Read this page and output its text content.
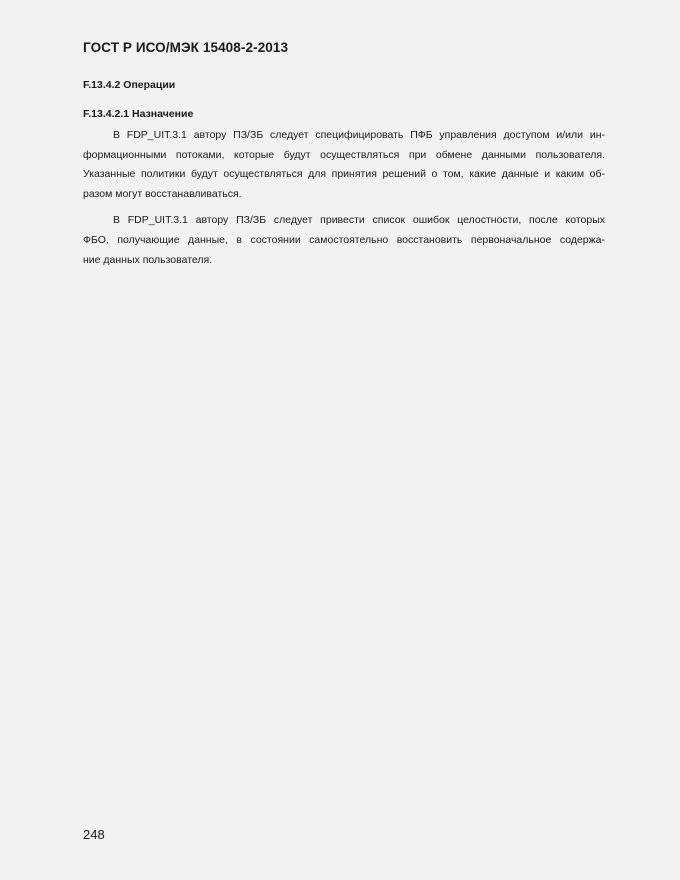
ГОСТ Р ИСО/МЭК 15408-2-2013
F.13.4.2 Операции
F.13.4.2.1 Назначение
В FDP_UIT.3.1 автору ПЗ/ЗБ следует специфицировать ПФБ управления доступом и/или ин-
формационными потоками, которые будут осуществляться при обмене данными пользователя.
Указанные политики будут осуществляться для принятия решений о том, какие данные и каким об-
разом могут восстанавливаться.
В FDP_UIT.3.1 автору ПЗ/ЗБ следует привести список ошибок целостности, после которых
ФБО, получающие данные, в состоянии самостоятельно восстановить первоначальное содержа-
ние данных пользователя.
248
